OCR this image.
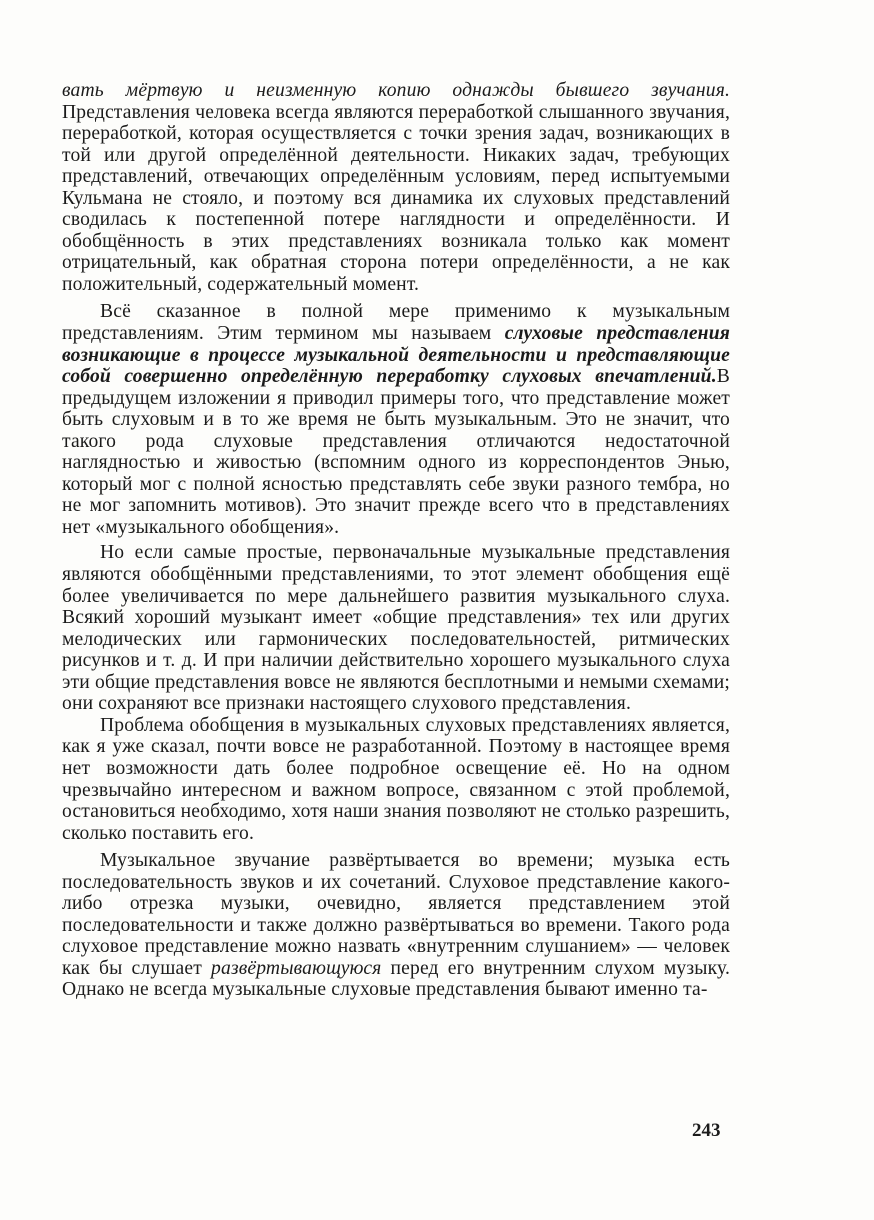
вать мёртвую и неизменную копию однажды бывшего звучания. Представления человека всегда являются переработкой слышанного звучания, переработкой, которая осуществляется с точки зрения задач, возникающих в той или другой определённой деятельности. Никаких задач, требующих представлений, отвечающих определённым условиям, перед испытуемыми Кульмана не стояло, и поэтому вся динамика их слуховых представлений сводилась к постепенной потере наглядности и определённости. И обобщённость в этих представлениях возникала только как момент отрицательный, как обратная сторона потери определённости, а не как положительный, содержательный момент.

Всё сказанное в полной мере применимо к музыкальным представлениям. Этим термином мы называем слуховые представления возникающие в процессе музыкальной деятельности и представляющие собой совершенно определённую переработку слуховых впечатлений.В предыдущем изложении я приводил примеры того, что представление может быть слуховым и в то же время не быть музыкальным. Это не значит, что такого рода слуховые представления отличаются недостаточной наглядностью и живостью (вспомним одного из корреспондентов Энью, который мог с полной ясностью представлять себе звуки разного тембра, но не мог запомнить мотивов). Это значит прежде всего что в представлениях нет «музыкального обобщения».

Но если самые простые, первоначальные музыкальные представления являются обобщёнными представлениями, то этот элемент обобщения ещё более увеличивается по мере дальнейшего развития музыкального слуха. Всякий хороший музыкант имеет «общие представления» тех или других мелодических или гармонических последовательностей, ритмических рисунков и т. д. И при наличии действительно хорошего музыкального слуха эти общие представления вовсе не являются бесплотными и немыми схемами; они сохраняют все признаки настоящего слухового представления.

Проблема обобщения в музыкальных слуховых представлениях является, как я уже сказал, почти вовсе не разработанной. Поэтому в настоящее время нет возможности дать более подробное освещение её. Но на одном чрезвычайно интересном и важном вопросе, связанном с этой проблемой, остановиться необходимо, хотя наши знания позволяют не столько разрешить, сколько поставить его.

Музыкальное звучание развёртывается во времени; музыка есть последовательность звуков и их сочетаний. Слуховое представление какого-либо отрезка музыки, очевидно, является представлением этой последовательности и также должно развёртываться во времени. Такого рода слуховое представление можно назвать «внутренним слушанием» — человек как бы слушает развёртывающуюся перед его внутренним слухом музыку. Однако не всегда музыкальные слуховые представления бывают именно та-

243
